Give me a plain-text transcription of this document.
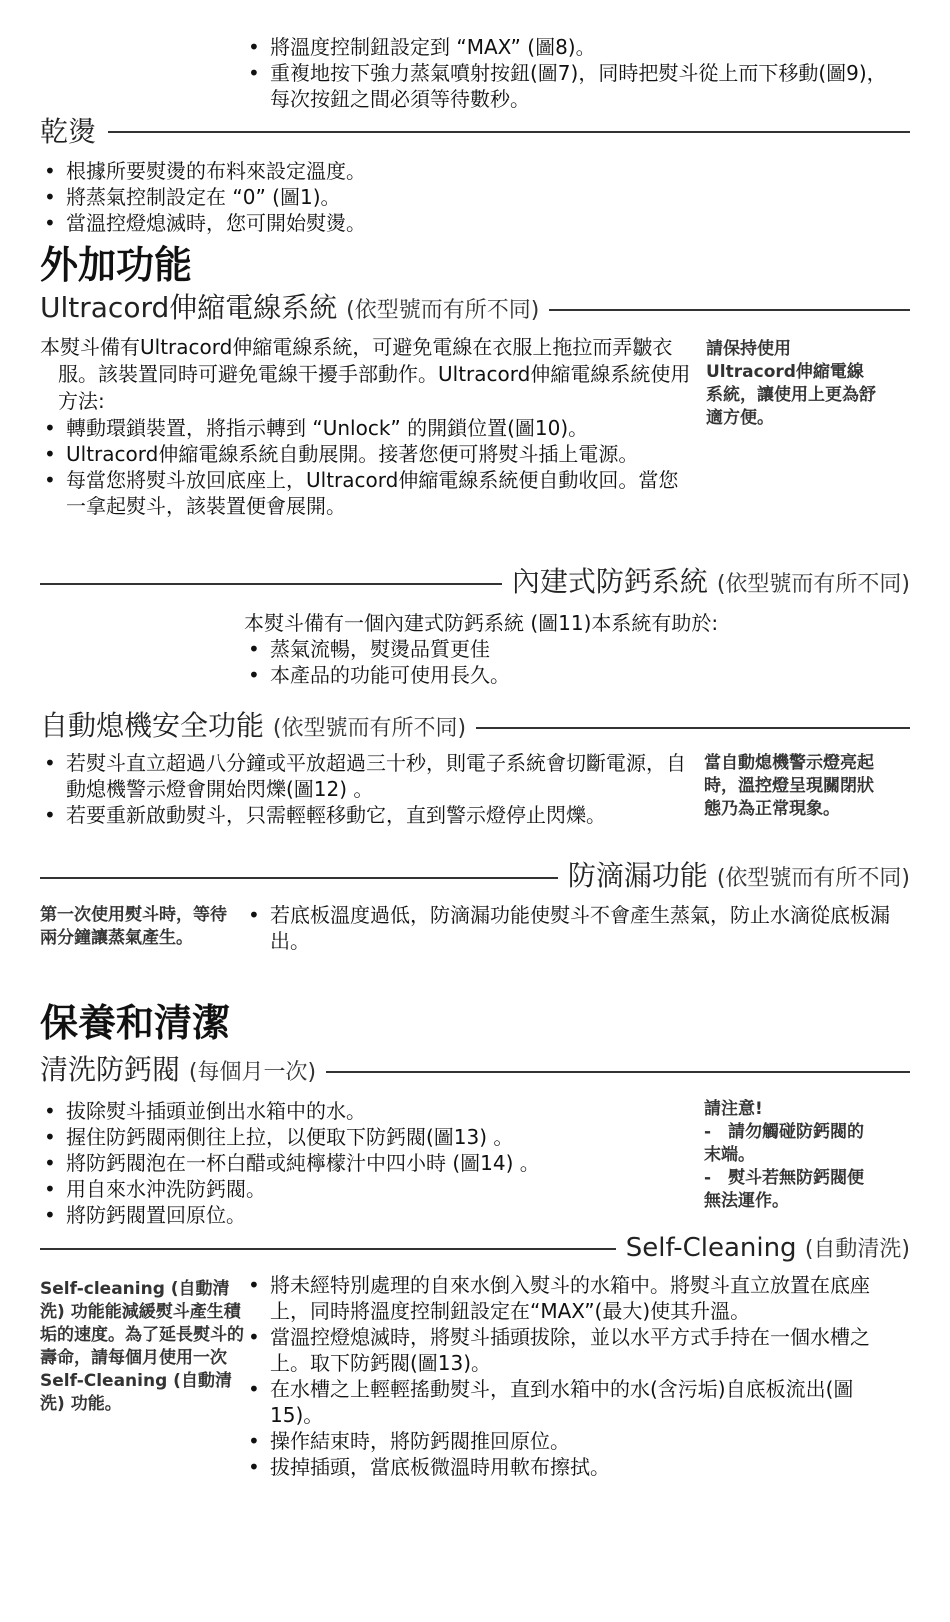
• 將溫度控制鈕設定到 “MAX” (圖8)。
• 重複地按下強力蒸氣噴射按鈕(圖7)，同時把熨斗從上而下移動(圖9)，每次按鈕之間必須等待數秒。
乾燙
• 根據所要熨燙的布料來設定溫度。
• 將蒸氣控制設定在 “0” (圖1)。
• 當溫控燈熄滅時，您可開始熨燙。
外加功能
Ultracord伸縮電線系統 (依型號而有所不同)
本熨斗備有Ultracord伸縮電線系統，可避免電線在衣服上拖拉而弄皺衣服。該裝置同時可避免電線干擾手部動作。Ultracord伸縮電線系統使用方法:
• 轉動環鎖裝置，將指示轉到 “Unlock” 的開鎖位置(圖10)。
• Ultracord伸縮電線系統自動展開。接著您便可將熨斗插上電源。
• 每當您將熨斗放回底座上，Ultracord伸縮電線系統便自動收回。當您一拿起熨斗，該裝置便會展開。
請保持使用Ultracord伸縮電線系統，讓使用上更為舒適方便。
內建式防鈣系統 (依型號而有所不同)
本熨斗備有一個內建式防鈣系統 (圖11)本系統有助於:
• 蒸氣流暢，熨燙品質更佳
• 本產品的功能可使用長久。
自動熄機安全功能 (依型號而有所不同)
• 若熨斗直立超過八分鐘或平放超過三十秒，則電子系統會切斷電源，自動熄機警示燈會開始閃爍(圖12) 。
• 若要重新啟動熨斗，只需輕輕移動它，直到警示燈停止閃爍。
當自動熄機警示燈亮起時，溫控燈呈現關閉狀態乃為正常現象。
防滴漏功能 (依型號而有所不同)
第一次使用熨斗時，等待兩分鐘讓蒸氣產生。
• 若底板溫度過低，防滴漏功能使熨斗不會產生蒸氣，防止水滴從底板漏出。
保養和清潔
清洗防鈣閥 (每個月一次)
• 拔除熨斗插頭並倒出水箱中的水。
• 握住防鈣閥兩側往上拉，以便取下防鈣閥(圖13) 。
• 將防鈣閥泡在一杯白醋或純檸檬汁中四小時 (圖14) 。
• 用自來水沖洗防鈣閥。
• 將防鈣閥置回原位。
請注意!
-　請勿觸碰防鈣閥的末端。
-　熨斗若無防鈣閥便無法運作。
Self-Cleaning (自動清洗)
Self-cleaning (自動清洗) 功能能減緩熨斗產生積垢的速度。為了延長熨斗的壽命，請每個月使用一次Self-Cleaning (自動清洗) 功能。
• 將未經特別處理的自來水倒入熨斗的水箱中。將熨斗直立放置在底座上，同時將溫度控制鈕設定在“MAX”(最大)使其升溫。
• 當溫控燈熄滅時，將熨斗插頭拔除，並以水平方式手持在一個水槽之上。取下防鈣閥(圖13)。
• 在水槽之上輕輕搖動熨斗，直到水箱中的水(含污垢)自底板流出(圖15)。
• 操作結束時，將防鈣閥推回原位。
• 拔掉插頭，當底板微溫時用軟布擦拭。
